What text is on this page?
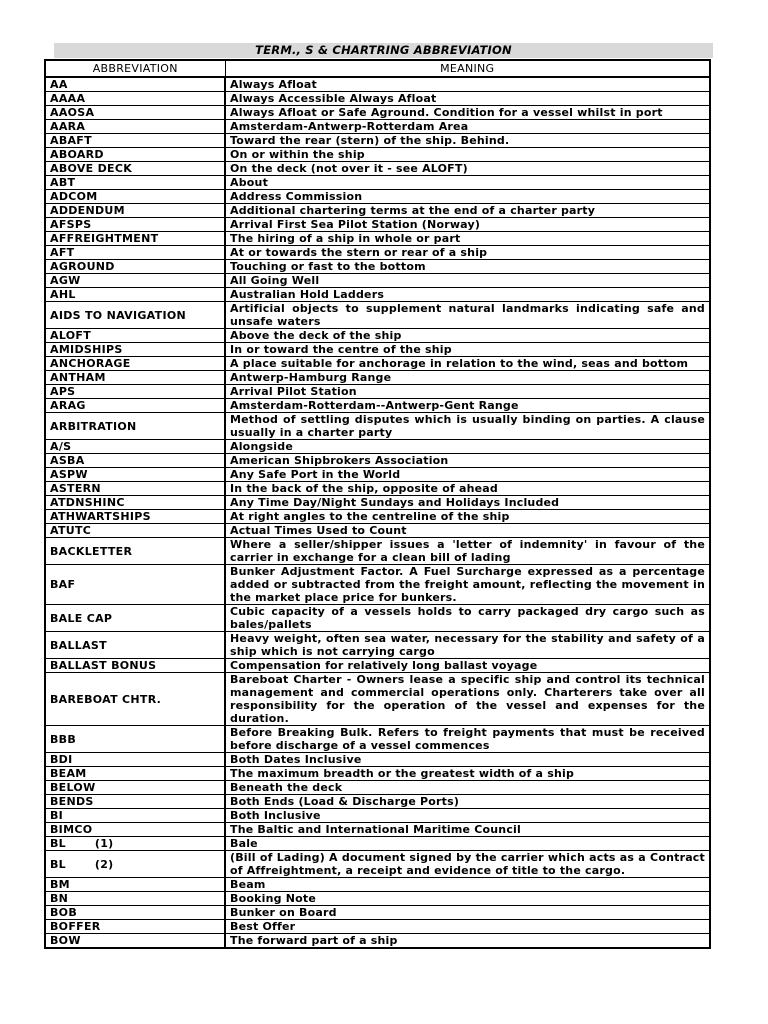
TERM., S & CHARTRING ABBREVIATION
ABBREVIATION	MEANING
AA	Always Afloat
AAAA	Always Accessible Always Afloat
AAOSA	Always Afloat or Safe Aground. Condition for a vessel whilst in port
AARA	Amsterdam-Antwerp-Rotterdam Area
ABAFT	Toward the rear (stern) of the ship. Behind.
ABOARD	On or within the ship
ABOVE DECK	On the deck (not over it - see ALOFT)
ABT	About
ADCOM	Address Commission
ADDENDUM	Additional chartering terms at the end of a charter party
AFSPS	Arrival First Sea Pilot Station (Norway)
AFFREIGHTMENT	The hiring of a ship in whole or part
AFT	At or towards the stern or rear of a ship
AGROUND	Touching or fast to the bottom
AGW	All Going Well
AHL	Australian Hold Ladders
AIDS TO NAVIGATION	Artificial objects to supplement natural landmarks indicating safe and unsafe waters
ALOFT	Above the deck of the ship
AMIDSHIPS	In or toward the centre of the ship
ANCHORAGE	A place suitable for anchorage in relation to the wind, seas and bottom
ANTHAM	Antwerp-Hamburg Range
APS	Arrival Pilot Station
ARAG	Amsterdam-Rotterdam--Antwerp-Gent Range
ARBITRATION	Method of settling disputes which is usually binding on parties. A clause usually in a charter party
A/S	Alongside
ASBA	American Shipbrokers Association
ASPW	Any Safe Port in the World
ASTERN	In the back of the ship, opposite of ahead
ATDNSHINC	Any Time Day/Night Sundays and Holidays Included
ATHWARTSHIPS	At right angles to the centreline of the ship
ATUTC	Actual Times Used to Count
BACKLETTER	Where a seller/shipper issues a 'letter of indemnity' in favour of the carrier in exchange for a clean bill of lading
BAF	Bunker Adjustment Factor. A Fuel Surcharge expressed as a percentage added or subtracted from the freight amount, reflecting the movement in the market place price for bunkers.
BALE CAP	Cubic capacity of a vessels holds to carry packaged dry cargo such as bales/pallets
BALLAST	Heavy weight, often sea water, necessary for the stability and safety of a ship which is not carrying cargo
BALLAST BONUS	Compensation for relatively long ballast voyage
BAREBOAT CHTR.	Bareboat Charter - Owners lease a specific ship and control its technical management and commercial operations only. Charterers take over all responsibility for the operation of the vessel and expenses for the duration.
BBB	Before Breaking Bulk. Refers to freight payments that must be received before discharge of a vessel commences
BDI	Both Dates Inclusive
BEAM	The maximum breadth or the greatest width of a ship
BELOW	Beneath the deck
BENDS	Both Ends (Load & Discharge Ports)
BI	Both Inclusive
BIMCO	The Baltic and International Maritime Council
BL       (1)	Bale
BL       (2)	(Bill of Lading) A document signed by the carrier which acts as a Contract of Affreightment, a receipt and evidence of title to the cargo.
BM	Beam
BN	Booking Note
BOB	Bunker on Board
BOFFER	Best Offer
BOW	The forward part of a ship
